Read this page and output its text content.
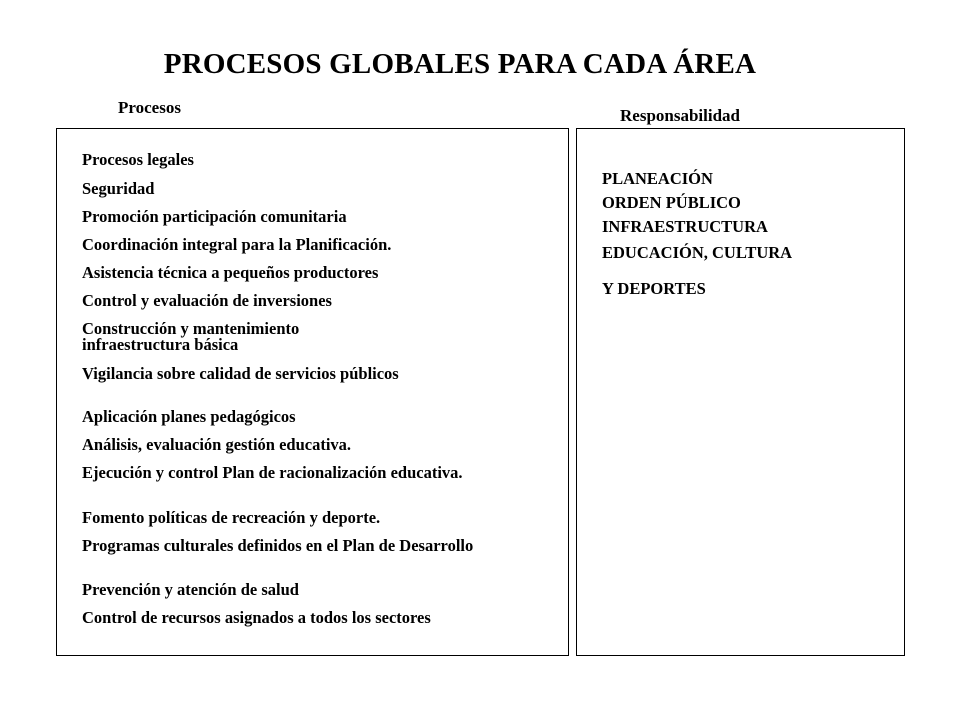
PROCESOS GLOBALES PARA CADA ÁREA
Procesos	Responsabilidad
Procesos legales
Seguridad
Promoción participación comunitaria
Coordinación integral para la Planificación.
Asistencia técnica a pequeños productores
Control y evaluación de inversiones
Construcción y mantenimiento infraestructura básica
Vigilancia sobre calidad de servicios públicos
Aplicación planes pedagógicos
Análisis, evaluación gestión educativa.
Ejecución y control Plan de racionalización educativa.
Fomento políticas de recreación y deporte.
Programas culturales definidos en el Plan de Desarrollo
Prevención y atención de salud
Control de recursos asignados a todos los sectores
PLANEACIÓN
ORDEN PÚBLICO
INFRAESTRUCTURA
EDUCACIÓN, CULTURA
Y DEPORTES
